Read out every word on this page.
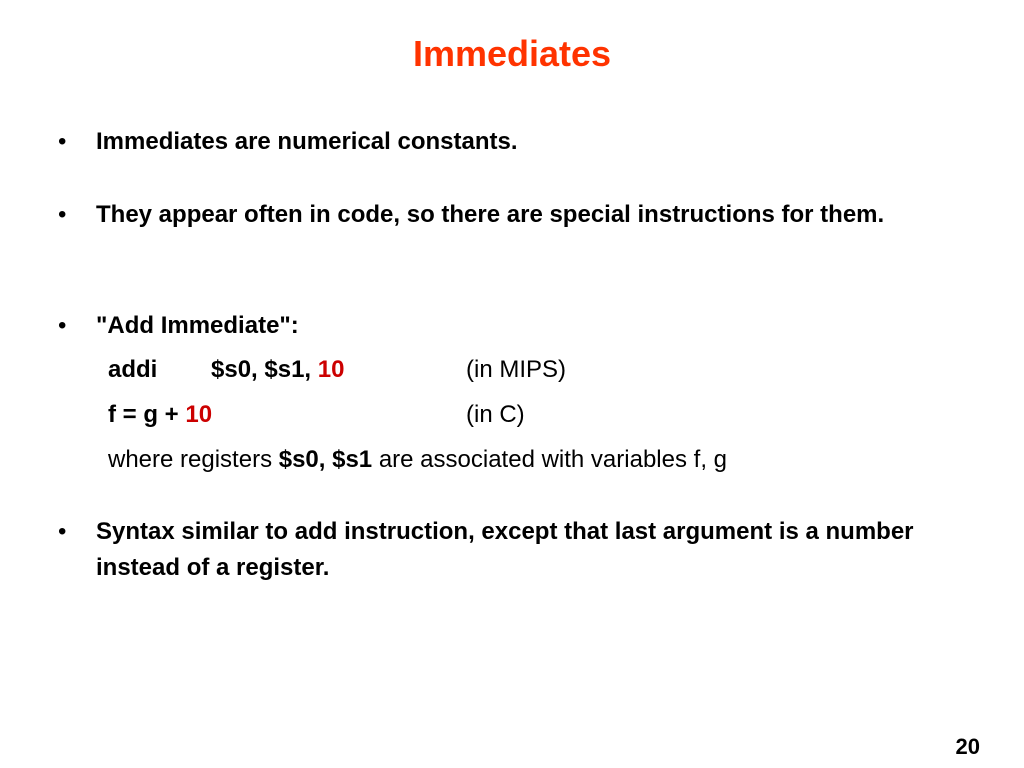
Immediates
• Immediates are numerical constants.
• They appear often in code, so there are special instructions for them.
• "Add Immediate":
addi $s0, $s1, 10	(in MIPS)
f = g + 10	(in C)
where registers $s0, $s1 are associated with variables f, g
• Syntax similar to add instruction, except that last argument is a number instead of a register.
20
